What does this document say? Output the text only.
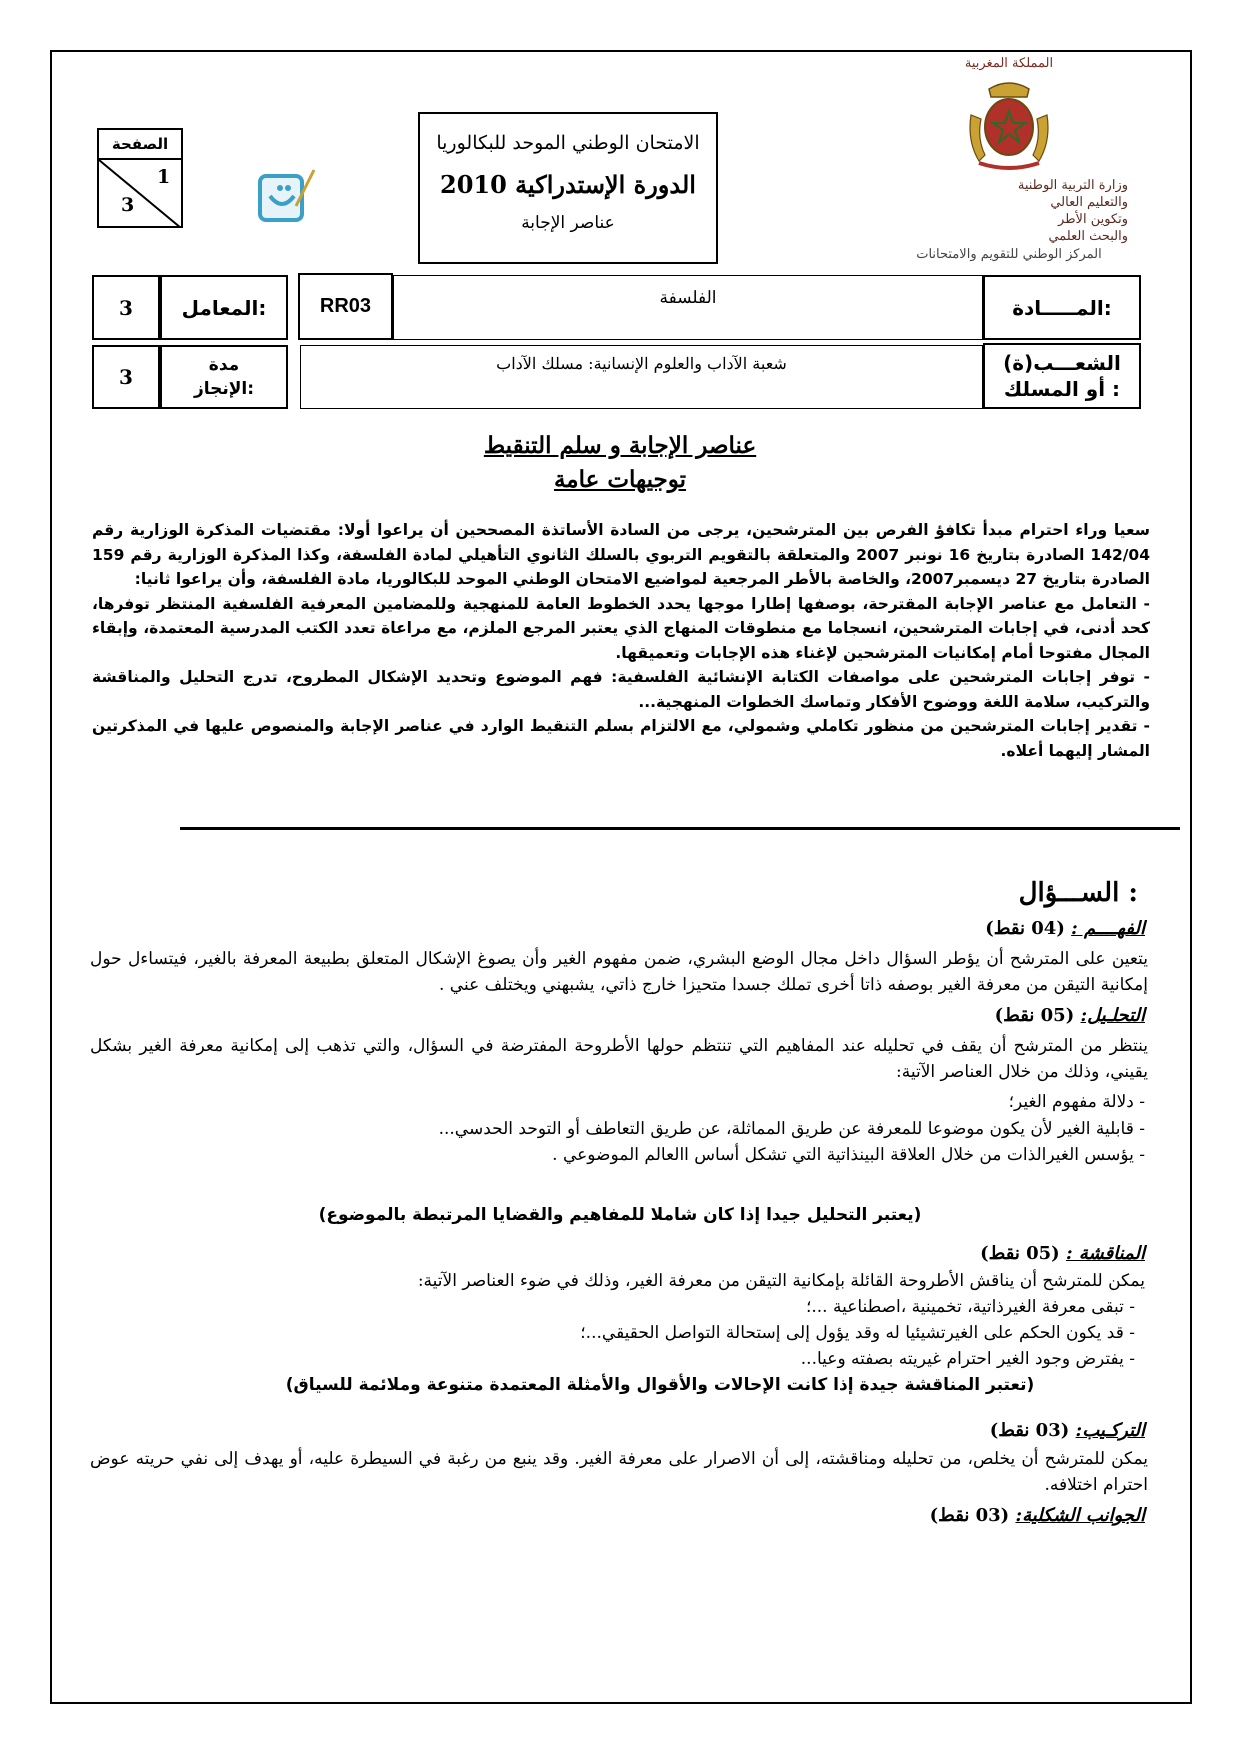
المملكة المغربية
وزارة التربية الوطنية
والتعليم العالي
وتكوين الأطر
والبحث العلمي
المركز الوطني للتقويم والامتحانات
الامتحان الوطني الموحد للبكالوريا
الدورة الإستدراكية 2010
عناصر الإجابة
الصفحة
1
3
المـــــادة:
الفلسفة
RR03
المعامل:
3
الشعـــب(ة)
أو المسلك :
شعبة الآداب والعلوم الإنسانية: مسلك الآداب
مدة
الإنجاز:
3
عناصر الإجابة و سلم التنقيط
توجيهات عامة

سعيا وراء احترام مبدأ تكافؤ الفرص بين المترشحين، يرجى من السادة الأساتذة المصححين أن يراعوا أولا: مقتضيات المذكرة الوزارية رقم 142/04 الصادرة بتاريخ 16 نونبر 2007 والمتعلقة بالتقويم التربوي بالسلك الثانوي التأهيلي لمادة الفلسفة، وكذا المذكرة الوزارية رقم 159 الصادرة بتاريخ 27 ديسمبر2007، والخاصة بالأطر المرجعية لمواضيع الامتحان الوطني الموحد للبكالوريا، مادة الفلسفة، وأن يراعوا ثانيا:

- التعامل مع عناصر الإجابة المقترحة، بوصفها إطارا موجها يحدد الخطوط العامة للمنهجية وللمضامين المعرفية الفلسفية المنتظر توفرها، كحد أدنى، في إجابات المترشحين، انسجاما مع منطوقات المنهاج الذي يعتبر المرجع الملزم، مع مراعاة تعدد الكتب المدرسية المعتمدة، وإبقاء المجال مفتوحا أمام إمكانيات المترشحين لإغناء هذه الإجابات وتعميقها.

- توفر إجابات المترشحين على مواصفات الكتابة الإنشائية الفلسفية: فهم الموضوع وتحديد الإشكال المطروح، تدرج التحليل والمناقشة والتركيب، سلامة اللغة ووضوح الأفكار وتماسك الخطوات المنهجية...

- تقدير إجابات المترشحين من منظور تكاملي وشمولي، مع الالتزام بسلم التنقيط الوارد في عناصر الإجابة والمنصوص عليها في المذكرتين المشار إليهما أعلاه.

الســـؤال :
الفهــــم : (04 نقط)

يتعين على المترشح أن يؤطر السؤال داخل مجال الوضع البشري، ضمن مفهوم الغير وأن يصوغ الإشكال المتعلق بطبيعة المعرفة بالغير، فيتساءل حول إمكانية التيقن من معرفة الغير بوصفه ذاتا أخرى تملك جسدا متحيزا خارج ذاتي، يشبهني ويختلف عني .

التحلـيل: (05 نقط)

ينتظر من المترشح أن يقف في تحليله عند المفاهيم التي تنتظم حولها الأطروحة المفترضة في السؤال، والتي تذهب إلى إمكانية معرفة الغير بشكل يقيني، وذلك من خلال العناصر الآتية:

- دلالة مفهوم الغير؛
- قابلية الغير لأن يكون موضوعا للمعرفة عن طريق المماثلة، عن طريق التعاطف أو التوحد الحدسي...
- يؤسس الغيرالذات من خلال العلاقة البينذاتية التي تشكل أساس االعالم الموضوعي .
(يعتبر التحليل جيدا إذا كان شاملا للمفاهيم والقضايا المرتبطة بالموضوع)
المناقشة : (05 نقط)
يمكن للمترشح أن يناقش الأطروحة القائلة بإمكانية التيقن من معرفة الغير، وذلك في ضوء العناصر الآتية:
- تبقى معرفة الغيرذاتية، تخمينية ،اصطناعية ...؛
- قد يكون الحكم على الغيرتشيئيا له وقد يؤول إلى إستحالة التواصل الحقيقي...؛
- يفترض وجود الغير احترام غيريته بصفته وعيا...
(تعتبر المناقشة جيدة إذا كانت الإحالات والأقوال والأمثلة المعتمدة متنوعة وملائمة للسياق)
التركـيب: (03 نقط)

يمكن للمترشح أن يخلص، من تحليله ومناقشته، إلى أن الاصرار على معرفة الغير. وقد ينبع من رغبة في السيطرة عليه، أو يهدف إلى نفي حريته عوض احترام اختلافه.

الجوانب الشكلية: (03 نقط)
